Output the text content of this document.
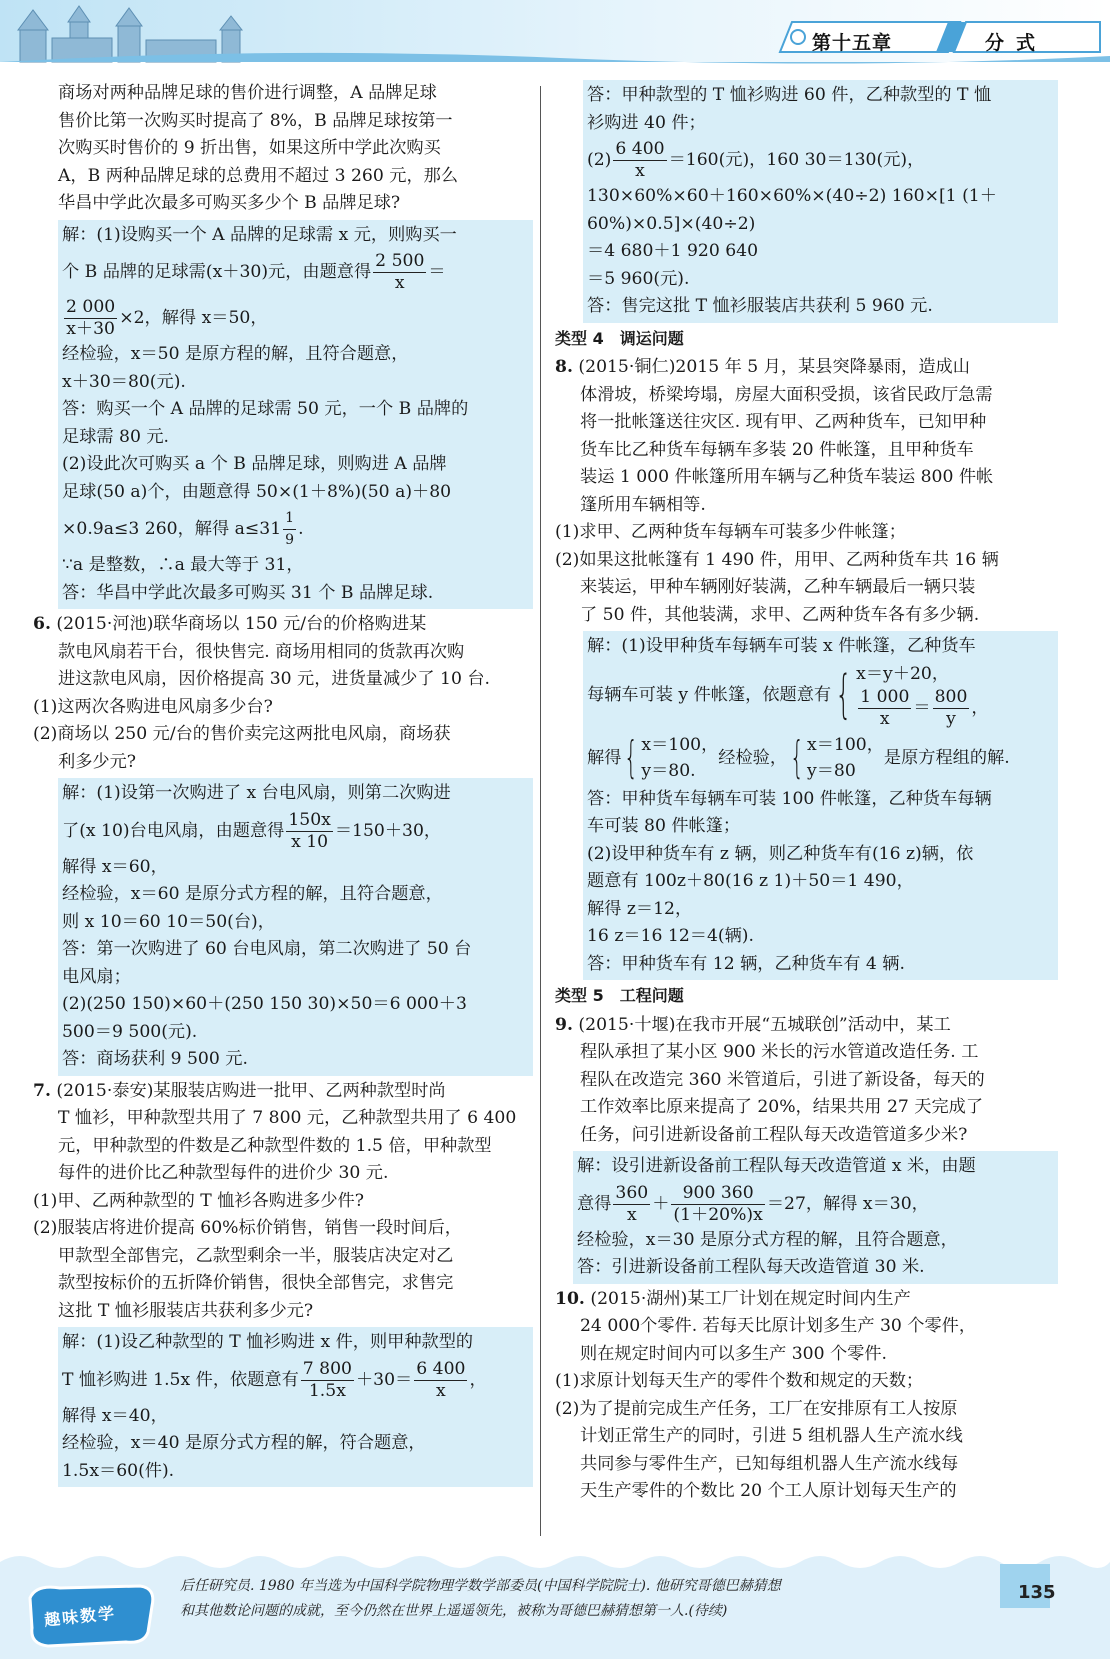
第十五章	分式

商场对两种品牌足球的售价进行调整，A 品牌足球

售价比第一次购买时提高了 8%，B 品牌足球按第一

次购买时售价的 9 折出售，如果这所中学此次购买

A，B 两种品牌足球的总费用不超过 3 260 元，那么

华昌中学此次最多可购买多少个 B 品牌足球?

解：(1)设购买一个 A 品牌的足球需 x 元，则购买一

个 B 品牌的足球需(x＋30)元，由题意得 $\frac{2 500}{x}$ ＝

$\frac{2 000}{x+30} \times 2$，解得 x＝50，

经检验，x＝50 是原方程的解，且符合题意，

x＋30＝80(元).

答：购买一个 A 品牌的足球需 50 元，一个 B 品牌的

足球需 80 元.

(2)设此次可购买 a 个 B 品牌足球，则购进 A 品牌

足球(50 a)个，由题意得 50×(1＋8%)(50 a)＋80

×0.9a≤3 260，解得 $a\le 31 \frac{1}{9}$ .

∵a 是整数，∴a 最大等于 31，

答：华昌中学此次最多可购买 31 个 B 品牌足球.

6. (2015·河池)联华商场以 150 元/台的价格购进某

款电风扇若干台，很快售完. 商场用相同的货款再次购

进这款电风扇，因价格提高 30 元，进货量减少了 10 台.

(1)这两次各购进电风扇多少台?

(2)商场以 250 元/台的售价卖完这两批电风扇，商场获

利多少元?

解：(1)设第一次购进了 x 台电风扇，则第二次购进

了(x 10)台电风扇，由题意得 $\frac{150x}{x 10} =150+30$，

解得 x＝60，

经检验，x＝60 是原分式方程的解，且符合题意，

则 x 10＝60 10＝50(台)，

答：第一次购进了 60 台电风扇，第二次购进了 50 台

电风扇；

(2)(250 150)×60＋(250 150 30)×50＝6 000＋3

500＝9 500(元).

答：商场获利 9 500 元.

7. (2015·泰安)某服装店购进一批甲、乙两种款型时尚

T 恤衫，甲种款型共用了 7 800 元，乙种款型共用了 6 400

元，甲种款型的件数是乙种款型件数的 1.5 倍，甲种款型

每件的进价比乙种款型每件的进价少 30 元.

(1)甲、乙两种款型的 T 恤衫各购进多少件?

(2)服装店将进价提高 60%标价销售，销售一段时间后，

甲款型全部售完，乙款型剩余一半，服装店决定对乙

款型按标价的五折降价销售，很快全部售完，求售完

这批 T 恤衫服装店共获利多少元?

解：(1)设乙种款型的 T 恤衫购进 x 件，则甲种款型的

T 恤衫购进 1.5x 件，依题意有 $\frac{7 800}{1.5x} +30= \frac{6 400}{x}$ ，

解得 x＝40，

经检验，x＝40 是原分式方程的解，符合题意，

1.5x＝60(件).

答：甲种款型的 T 恤衫购进 60 件，乙种款型的 T 恤

衫购进 40 件；

$(2) \frac{6 400}{x} =160$(元)，160 30＝130(元)，

130×60%×60＋160×60%×(40÷2) 160×[1 (1＋

60%)×0.5]×(40÷2)

＝4 680＋1 920 640

＝5 960(元).

答：售完这批 T 恤衫服装店共获利 5 960 元.

类型 4　调运问题

8. (2015·铜仁)2015 年 5 月，某县突降暴雨，造成山

体滑坡，桥梁垮塌，房屋大面积受损，该省民政厅急需

将一批帐篷送往灾区. 现有甲、乙两种货车，已知甲种

货车比乙种货车每辆车多装 20 件帐篷，且甲种货车

装运 1 000 件帐篷所用车辆与乙种货车装运 800 件帐

篷所用车辆相等.

(1)求甲、乙两种货车每辆车可装多少件帐篷；

(2)如果这批帐篷有 1 490 件，用甲、乙两种货车共 16 辆

来装运，甲种车辆刚好装满，乙种车辆最后一辆只装

了 50 件，其他装满，求甲、乙两种货车各有多少辆.

解：(1)设甲种货车每辆车可装 x 件帐篷，乙种货车

每辆车可装 y 件帐篷，依题意有 { x＝y＋20，
$\frac{1 000}{x} = \frac{800}{y}$ ，

解得 { x＝100，
y＝80.
经检验， { x＝100，
y＝80
是原方程组的解.

答：甲种货车每辆车可装 100 件帐篷，乙种货车每辆

车可装 80 件帐篷；

(2)设甲种货车有 z 辆，则乙种货车有(16 z)辆，依

题意有 100z＋80(16 z 1)＋50＝1 490，

解得 z＝12，

16 z＝16 12＝4(辆).

答：甲种货车有 12 辆，乙种货车有 4 辆.

类型 5　工程问题

9. (2015·十堰)在我市开展“五城联创”活动中，某工

程队承担了某小区 900 米长的污水管道改造任务. 工

程队在改造完 360 米管道后，引进了新设备，每天的

工作效率比原来提高了 20%，结果共用 27 天完成了

任务，问引进新设备前工程队每天改造管道多少米?

解：设引进新设备前工程队每天改造管道 x 米，由题

意得 $\frac{360}{x} + \frac{900 360}{(1+20\%)x} =27$，解得 x＝30，

经检验，x＝30 是原分式方程的解，且符合题意，

答：引进新设备前工程队每天改造管道 30 米.

10. (2015·湖州)某工厂计划在规定时间内生产

24 000个零件. 若每天比原计划多生产 30 个零件，

则在规定时间内可以多生产 300 个零件.

(1)求原计划每天生产的零件个数和规定的天数；

(2)为了提前完成生产任务，工厂在安排原有工人按原

计划正常生产的同时，引进 5 组机器人生产流水线

共同参与零件生产，已知每组机器人生产流水线每

天生产零件的个数比 20 个工人原计划每天生产的

趣味数学
后任研究员. 1980 年当选为中国科学院物理学数学部委员(中国科学院院士). 他研究哥德巴赫猜想
和其他数论问题的成就，至今仍然在世界上遥遥领先，被称为哥德巴赫猜想第一人.(待续)
135
